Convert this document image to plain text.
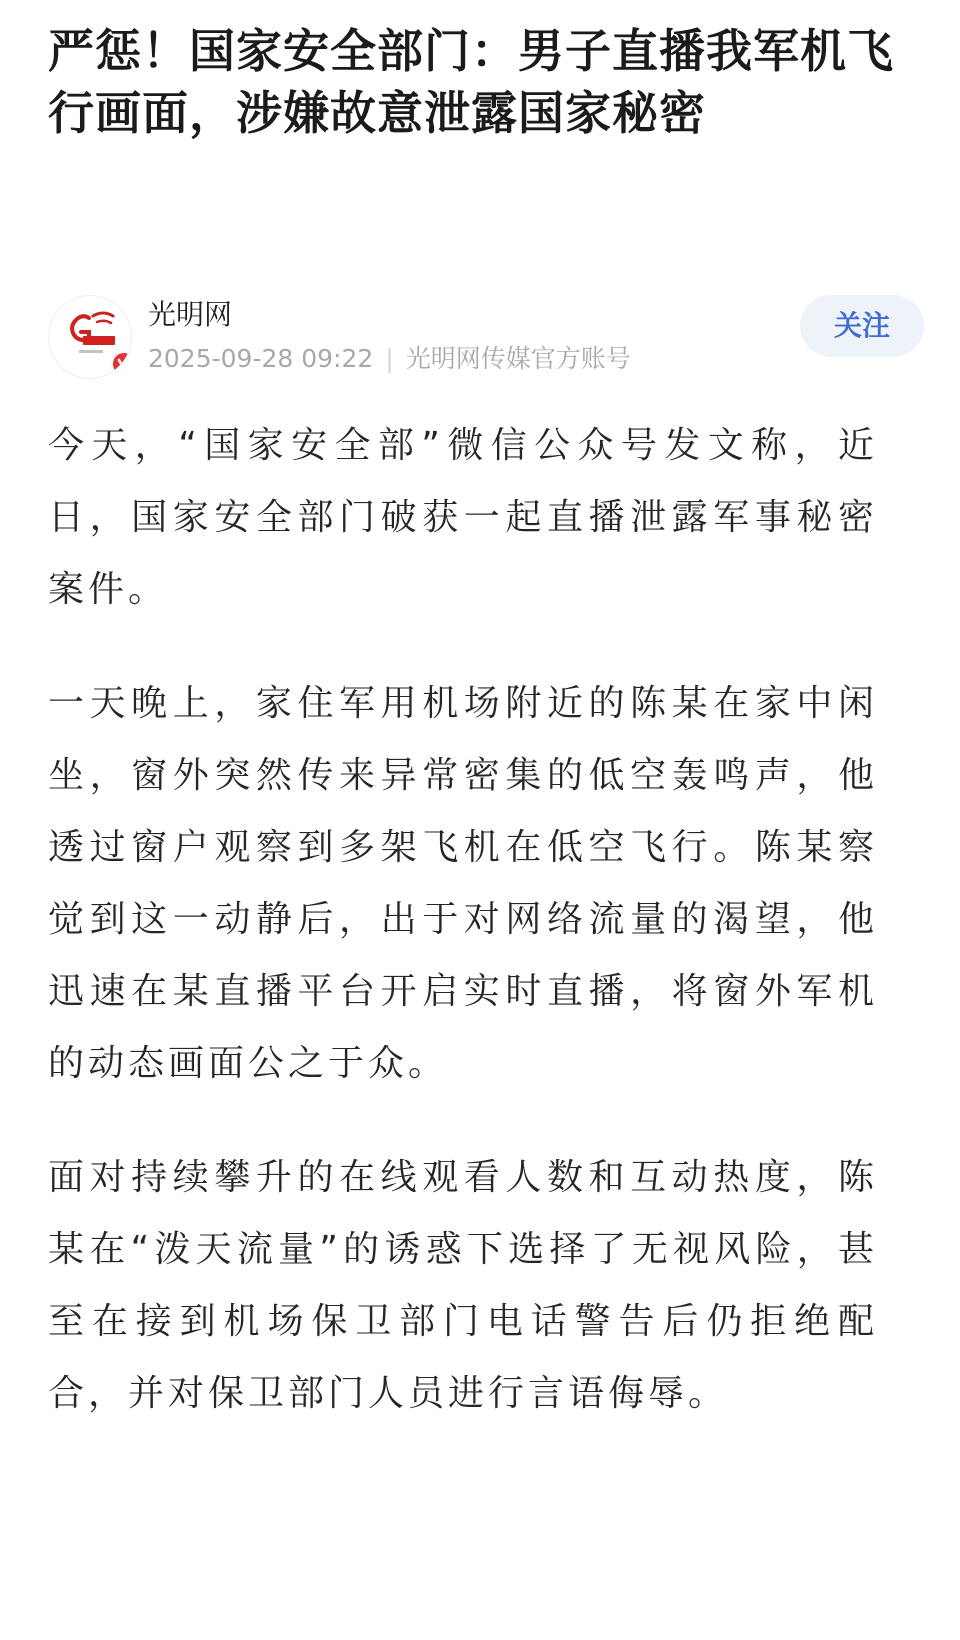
严惩！国家安全部门：男子直播我军机飞行画面，涉嫌故意泄露国家秘密
光明网
2025-09-28 09:22 | 光明网传媒官方账号
关注

今天，“国家安全部”微信公众号发文称，近日，国家安全部门破获一起直播泄露军事秘密案件。

一天晚上，家住军用机场附近的陈某在家中闲坐，窗外突然传来异常密集的低空轰鸣声，他透过窗户观察到多架飞机在低空飞行。陈某察觉到这一动静后，出于对网络流量的渴望，他迅速在某直播平台开启实时直播，将窗外军机的动态画面公之于众。

面对持续攀升的在线观看人数和互动热度，陈某在“泼天流量”的诱惑下选择了无视风险，甚至在接到机场保卫部门电话警告后仍拒绝配合，并对保卫部门人员进行言语侮辱。
